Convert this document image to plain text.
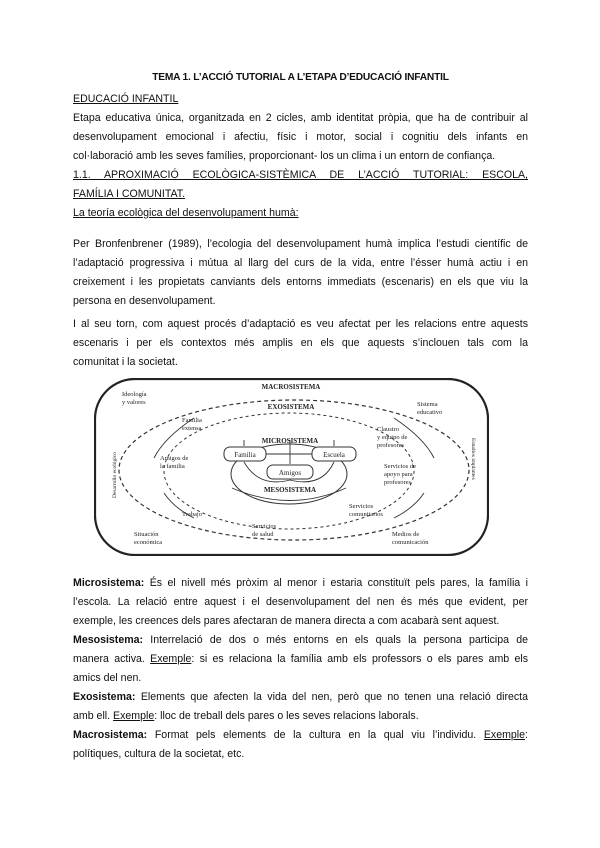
TEMA 1. L’ACCIÓ TUTORIAL A L’ETAPA D’EDUCACIÓ INFANTIL
EDUCACIÓ INFANTIL
Etapa educativa única, organitzada en 2 cicles, amb identitat pròpia, que ha de contribuir al
desenvolupament emocional i afectiu, físic i motor, social i cognitiu dels infants en
col·laboració amb les seves famílies, proporcionant- los un clima i un entorn de confiança.
1.1. APROXIMACIÓ ECOLÒGICA-SISTÈMICA DE L’ACCIÓ TUTORIAL: ESCOLA,
FAMÍLIA I COMUNITAT.
La teoría ecològica del desenvolupament humà:
Per Bronfenbrener (1989), l’ecologia del desenvolupament humà implica l’estudi científic de
l’adaptació progressiva i mútua al llarg del curs de la vida, entre l’ésser humà actiu i en
creixement i les propietats canviants dels entorns immediats (escenaris) en els que viu la
persona en desenvolupament.
I al seu torn, com aquest procés d’adaptació es veu afectat per les relacions entre aquests
escenaris i per els contextos més amplis en els que aquests s’inclouen tals com la
comunitat i la societat.
MACROSISTEMA
EXOSISTEMA
MICROSISTEMA
MESOSISTEMA
Familia	Escuela
Amigos
Ideología y valores
Familia extensa
Amigos de la familia
Trabajo
Situación económica
Servicios de salud
Sistema educativo
Claustro y equipo de profesores
Servicios de apoyo para profesores
Servicios comunitarios
Medios de comunicación
Desarrollo ecológico	Estudios implantes
Microsistema: És el nivell més pròxim al menor i estaria constituït pels pares, la família i
l’escola. La relació entre aquest i el desenvolupament del nen és més que evident, per
exemple, les creences dels pares afectaran de manera directa a com acabarà sent aquest.
Mesosistema: Interrelació de dos o més entorns en els quals la persona participa de
manera activa. Exemple: si es relaciona la família amb els professors o els pares amb els
amics del nen.
Exosistema: Elements que afecten la vida del nen, però que no tenen una relació directa
amb ell. Exemple: lloc de treball dels pares o les seves relacions laborals.
Macrosistema: Format pels elements de la cultura en la qual viu l’individu. Exemple:
polítiques, cultura de la societat, etc.
